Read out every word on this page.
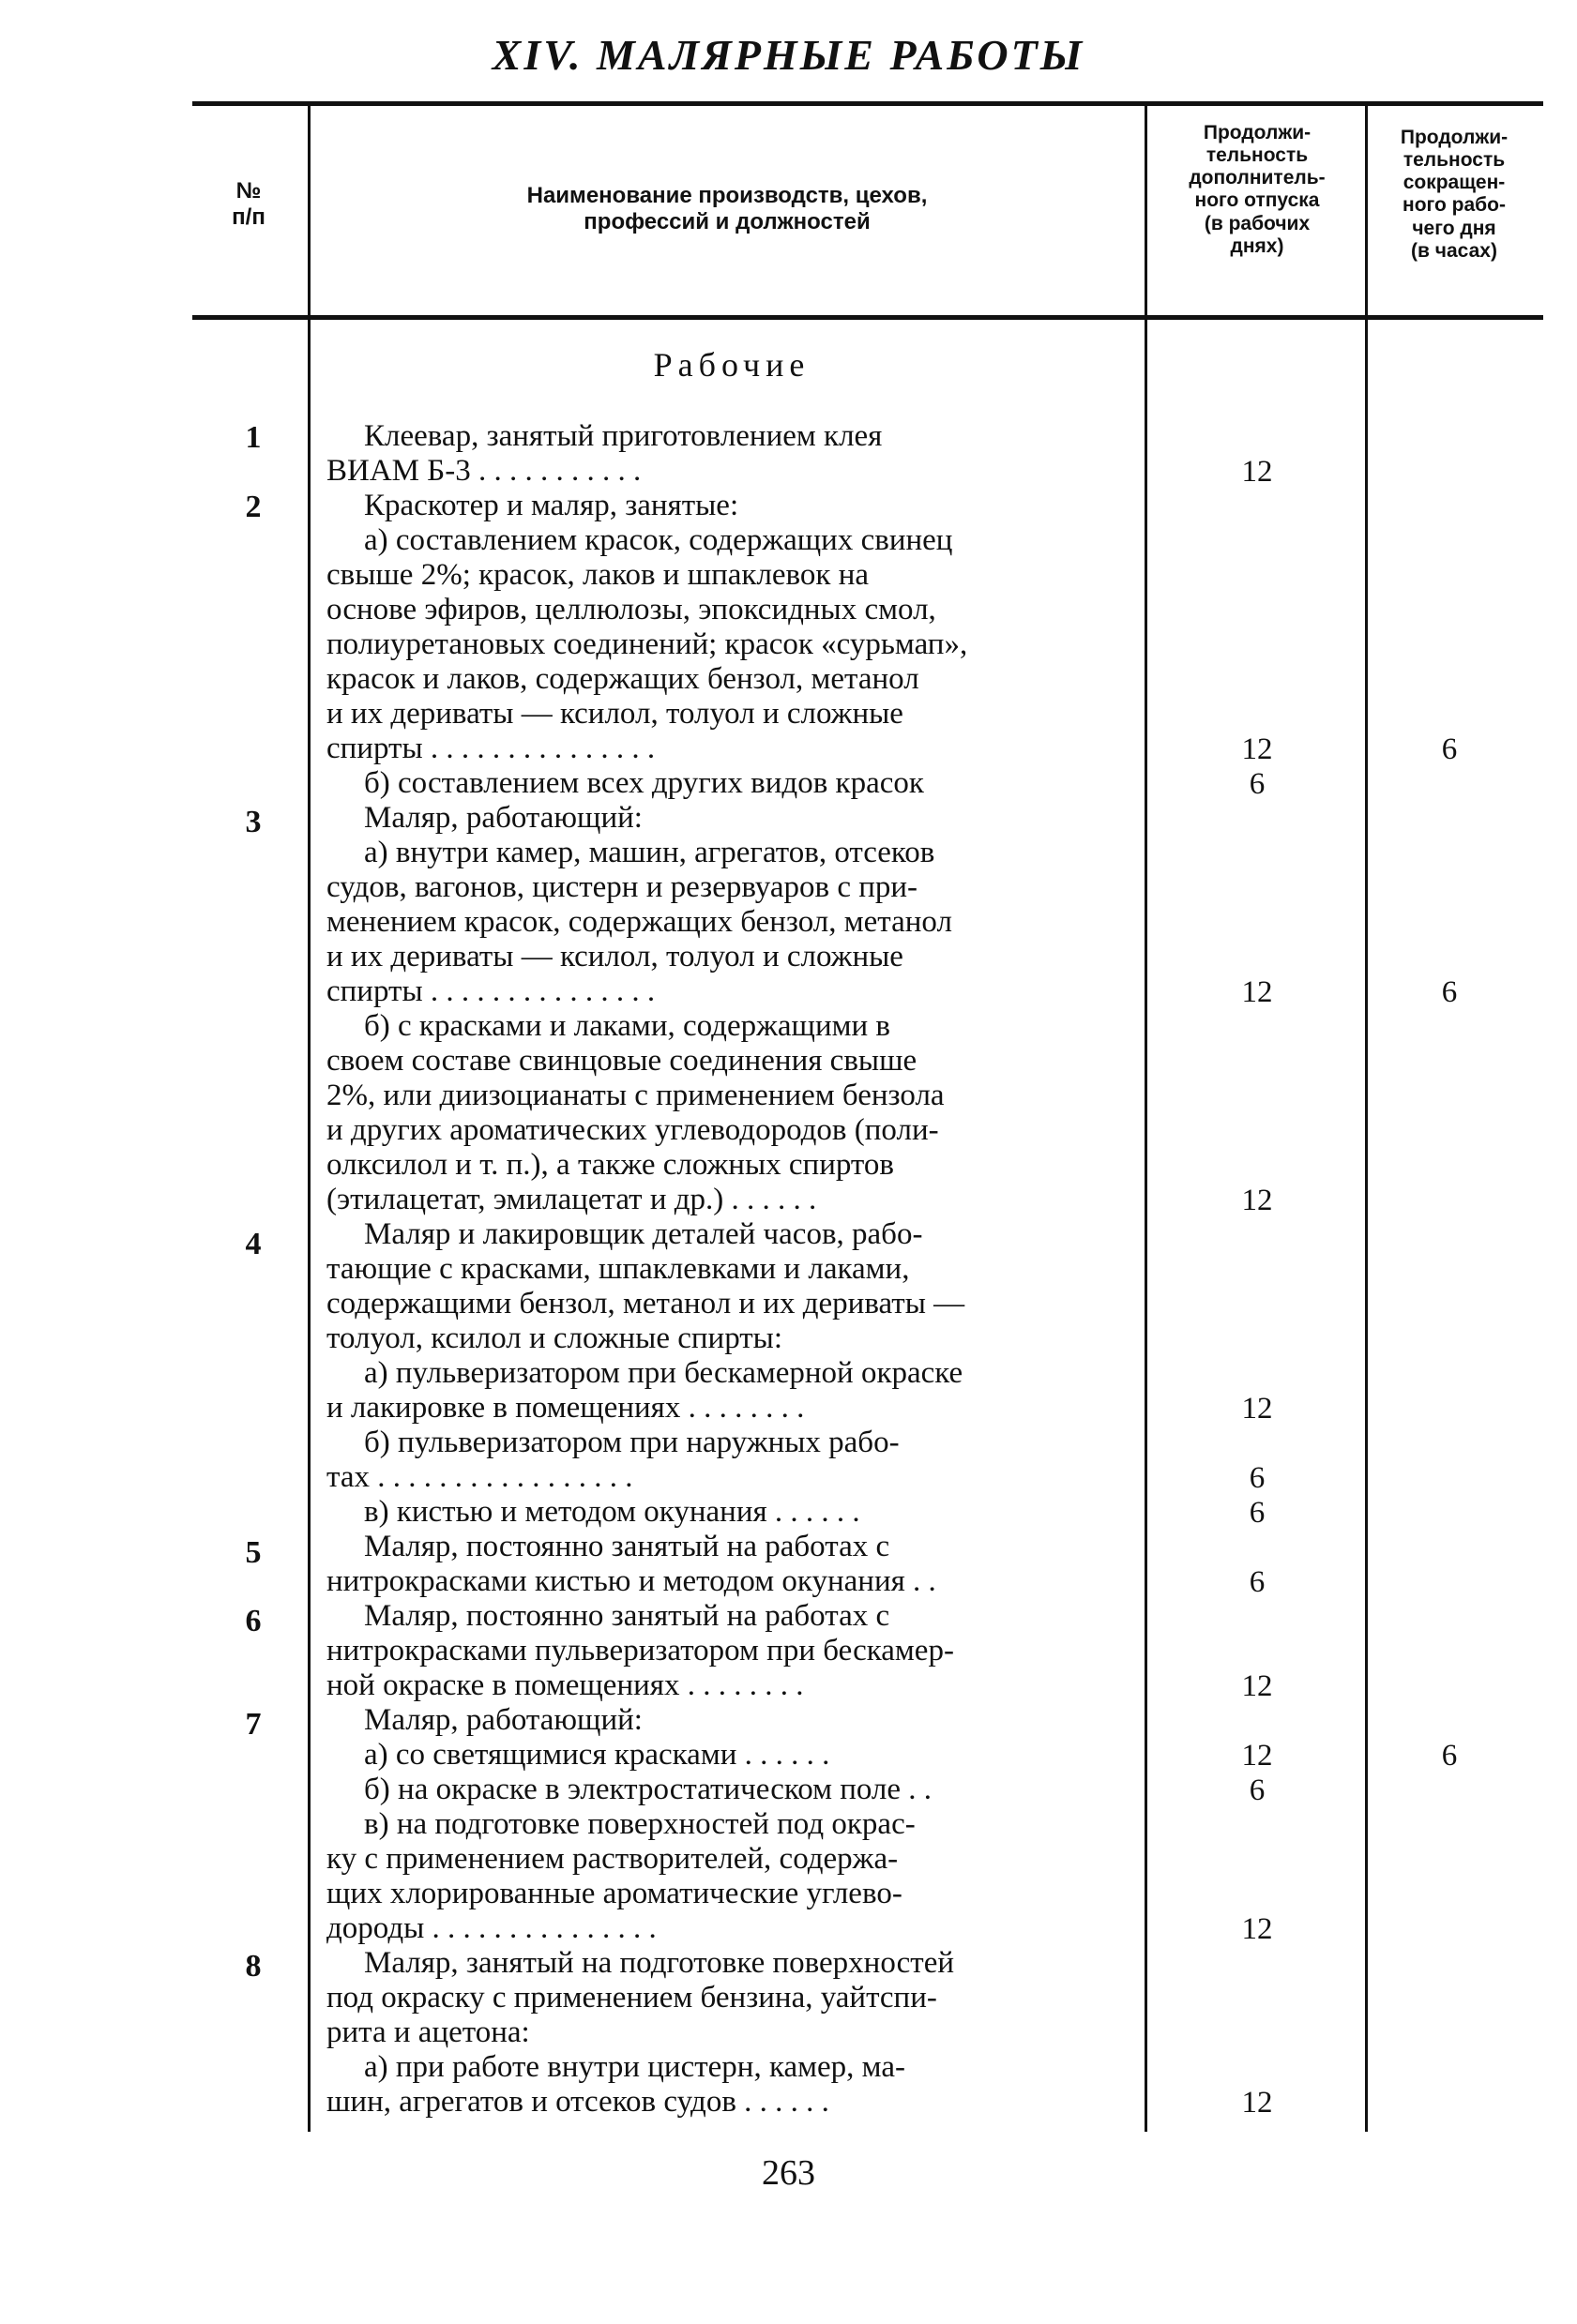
XIV. МАЛЯРНЫЕ РАБОТЫ
№
п/п
Наименование производств, цехов,
профессий и должностей
Продолжи-
тельность
дополнитель-
ного отпуска
(в рабочих
днях)
Продолжи-
тельность
сокращен-
ного рабо-
чего дня
(в часах)
Рабочие
1
2
3
4
5
6
7
8
Клеевар, занятый приготовлением клея
ВИАМ Б-3 . . . . . . . . . . .
Краскотер и маляр, занятые:
а) составлением красок, содержащих свинец
свыше 2%; красок, лаков и шпаклевок на
основе эфиров, целлюлозы, эпоксидных смол,
полиуретановых соединений; красок «сурьмап»,
красок и лаков, содержащих бензол, метанол
и их дериваты — ксилол, толуол и сложные
спирты . . . . . . . . . . . . . . .
б) составлением всех других видов красок
Маляр, работающий:
а) внутри камер, машин, агрегатов, отсеков
судов, вагонов, цистерн и резервуаров с при-
менением красок, содержащих бензол, метанол
и их дериваты — ксилол, толуол и сложные
спирты . . . . . . . . . . . . . . .
б) с красками и лаками, содержащими в
своем составе свинцовые соединения свыше
2%, или диизоцианаты с применением бензола
и других ароматических углеводородов (поли-
олксилол и т. п.), а также сложных спиртов
(этилацетат, эмилацетат и др.) . . . . . .
Маляр и лакировщик деталей часов, рабо-
тающие с красками, шпаклевками и лаками,
содержащими бензол, метанол и их дериваты —
толуол, ксилол и сложные спирты:
а) пульверизатором при бескамерной окраске
и лакировке в помещениях . . . . . . . .
б) пульверизатором при наружных рабо-
тах . . . . . . . . . . . . . . . . .
в) кистью и методом окунания . . . . . .
Маляр, постоянно занятый на работах с
нитрокрасками кистью и методом окунания . .
Маляр, постоянно занятый на работах с
нитрокрасками пульверизатором при бескамер-
ной окраске в помещениях . . . . . . . .
Маляр, работающий:
а) со светящимися красками . . . . . .
б) на окраске в электростатическом поле . .
в) на подготовке поверхностей под окрас-
ку с применением растворителей, содержа-
щих хлорированные ароматические углево-
дороды . . . . . . . . . . . . . . .
Маляр, занятый на подготовке поверхностей
под окраску с применением бензина, уайтспи-
рита и ацетона:
а) при работе внутри цистерн, камер, ма-
шин, агрегатов и отсеков судов . . . . . .
12
12
6
12
12
12
6
6
6
12
12
6
12
12
6
6
6
263
